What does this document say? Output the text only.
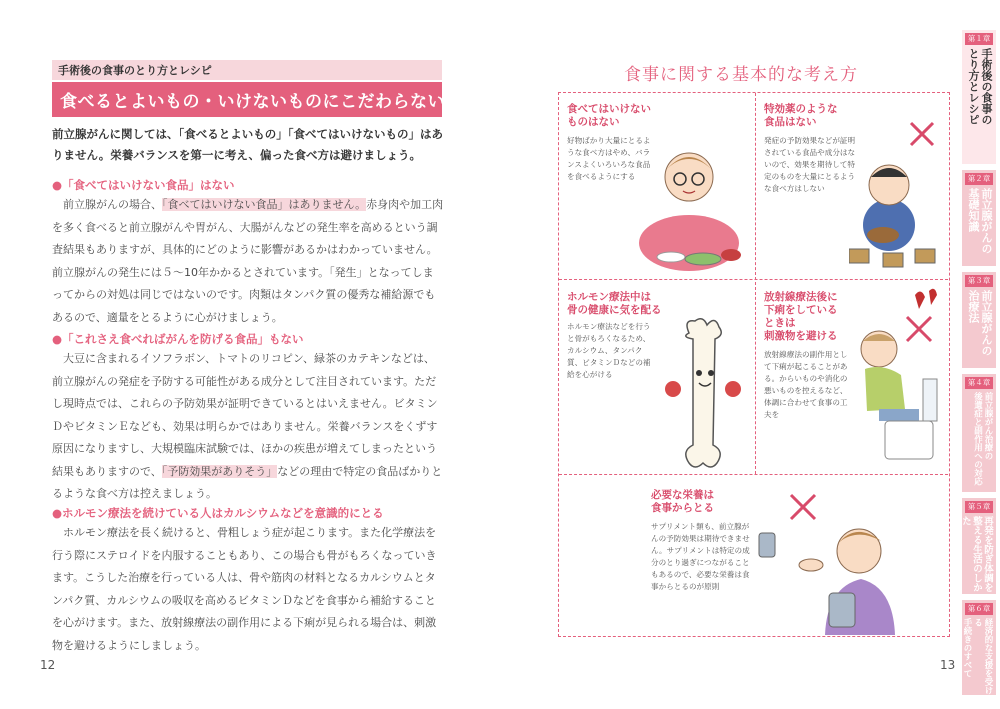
手術後の食事のとり方とレシピ
食べるとよいもの・いけないものにこだわらない

前立腺がんに関しては、「食べるとよいもの」「食べてはいけないもの」はありません。栄養バランスを第一に考え、偏った食べ方は避けましょう。

●「食べてはいけない食品」はない

　前立腺がんの場合、「食べてはいけない食品」はありません。赤身肉や加工肉を多く食べると前立腺がんや胃がん、大腸がんなどの発生率を高めるという調査結果もありますが、具体的にどのように影響があるかはわかっていません。前立腺がんの発生には５〜10年かかるとされています。「発生」となってしまってからの対処は同じではないのです。肉類はタンパク質の優秀な補給源でもあるので、適量をとるように心がけましょう。

●「これさえ食べればがんを防げる食品」もない

　大豆に含まれるイソフラボン、トマトのリコピン、緑茶のカテキンなどは、前立腺がんの発症を予防する可能性がある成分として注目されています。ただし現時点では、これらの予防効果が証明できているとはいえません。ビタミンＤやビタミンＥなども、効果は明らかではありません。栄養バランスをくずす原因になりますし、大規模臨床試験では、ほかの疾患が増えてしまったという結果もありますので、「予防効果がありそう」などの理由で特定の食品ばかりとるような食べ方は控えましょう。

●ホルモン療法を続けている人はカルシウムなどを意識的にとる

　ホルモン療法を長く続けると、骨粗しょう症が起こります。また化学療法を行う際にステロイドを内服することもあり、この場合も骨がもろくなっていきます。こうした治療を行っている人は、骨や筋肉の材料となるカルシウムとタンパク質、カルシウムの吸収を高めるビタミンＤなどを食事から補給することを心がけます。また、放射線療法の副作用による下痢が見られる場合は、刺激物を避けるようにしましょう。

12
食事に関する基本的な考え方
食べてはいけない
ものはない
好物ばかり大量にとるような食べ方はやめ、バランスよくいろいろな食品を食べるようにする
特効薬のような
食品はない
発症の予防効果などが証明されている食品や成分はないので、効果を期待して特定のものを大量にとるような食べ方はしない
ホルモン療法中は
骨の健康に気を配る
ホルモン療法などを行うと骨がもろくなるため、カルシウム、タンパク質、ビタミンＤなどの補給を心がける
放射線療法後に
下痢をしている
ときは
刺激物を避ける
放射線療法の副作用として下痢が起こることがある。からいものや消化の悪いものを控えるなど、体調に合わせて食事の工夫を
必要な栄養は
食事からとる
サプリメント類も、前立腺がんの予防効果は期待できません。サプリメントは特定の成分のとり過ぎにつながることもあるので、必要な栄養は食事からとるのが原則
13
第１章
手術後の食事の
とり方とレシピ
第２章
前立腺がんの
基礎知識
第３章
前立腺がんの
治療法
第４章
前立腺がん治療の
後遺症と副作用への対応
第５章
再発を防ぎ体調を
整える生活のしかた
第６章
経済的な支援を受ける
手続きのすべて
